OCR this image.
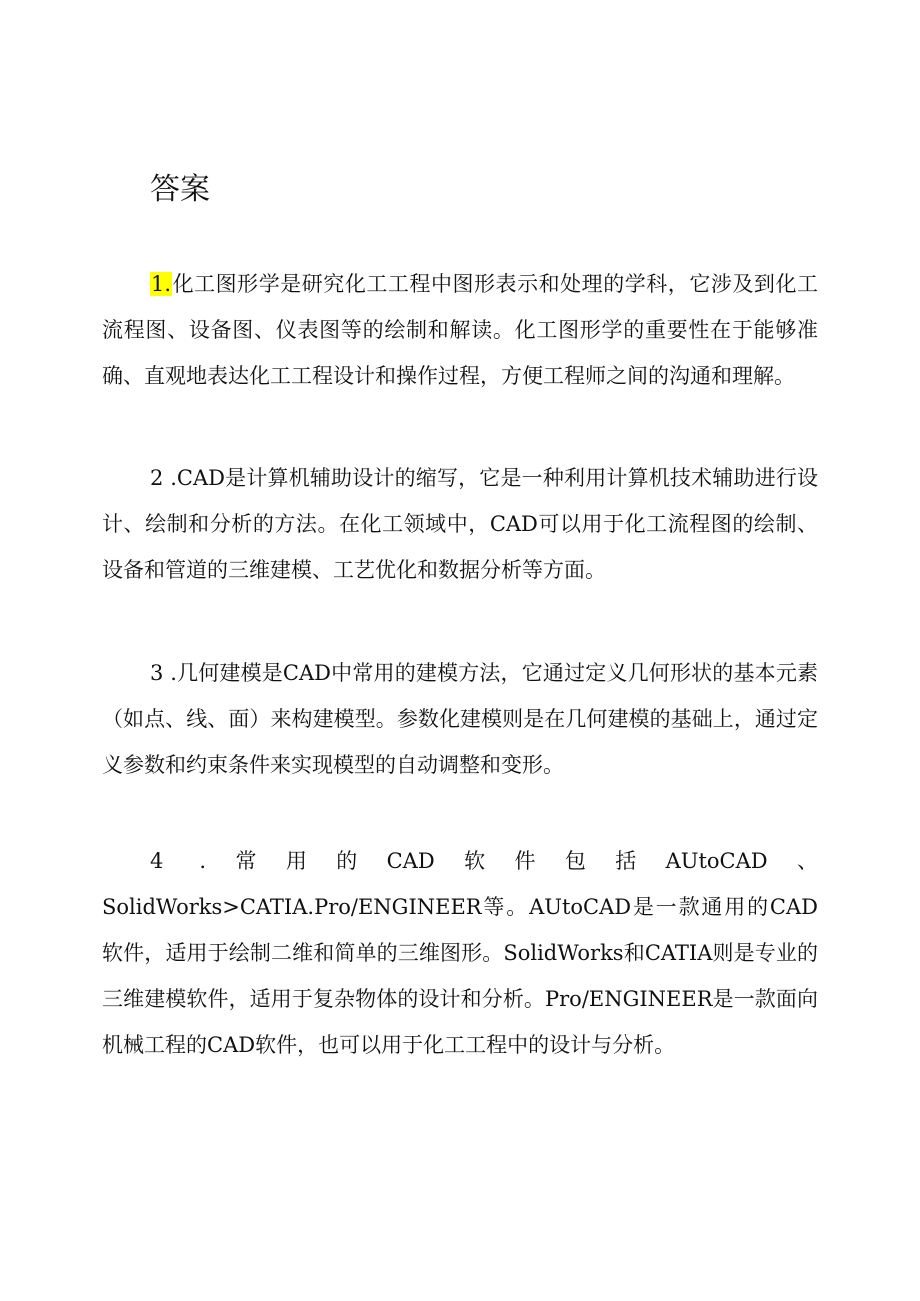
答案

1.化工图形学是研究化工工程中图形表示和处理的学科，它涉及到化工流程图、设备图、仪表图等的绘制和解读。化工图形学的重要性在于能够准确、直观地表达化工工程设计和操作过程，方便工程师之间的沟通和理解。

2 .CAD是计算机辅助设计的缩写，它是一种利用计算机技术辅助进行设计、绘制和分析的方法。在化工领域中，CAD可以用于化工流程图的绘制、设备和管道的三维建模、工艺优化和数据分析等方面。

3 .几何建模是CAD中常用的建模方法，它通过定义几何形状的基本元素（如点、线、面）来构建模型。参数化建模则是在几何建模的基础上，通过定义参数和约束条件来实现模型的自动调整和变形。

4 .常用的CAD软件包括AUtoCAD、SolidWorks>CATIA.Pro/ENGINEER等。AUtoCAD是一款通用的CAD软件，适用于绘制二维和简单的三维图形。SolidWorks和CATIA则是专业的三维建模软件，适用于复杂物体的设计和分析。Pro/ENGINEER是一款面向机械工程的CAD软件，也可以用于化工工程中的设计与分析。
